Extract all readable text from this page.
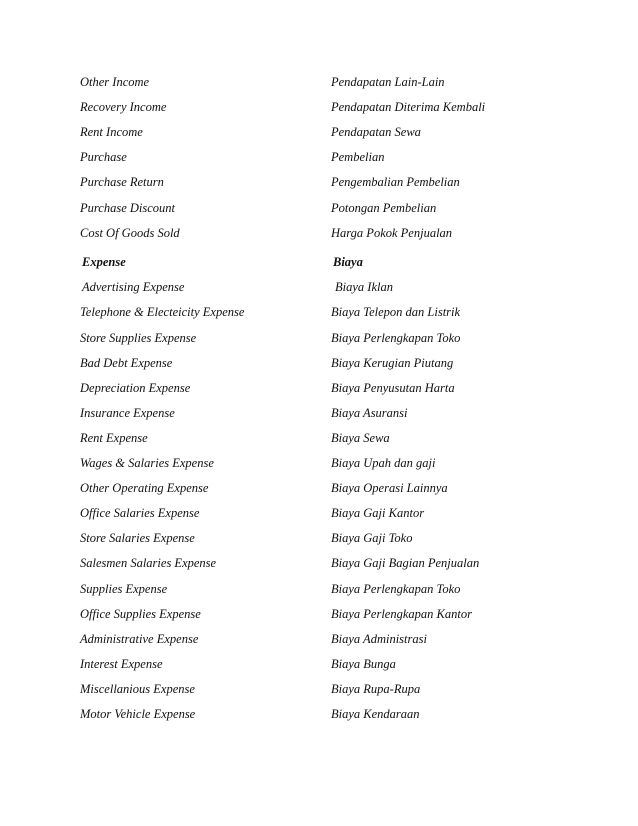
Other Income	Pendapatan Lain-Lain
Recovery Income	Pendapatan Diterima Kembali
Rent Income	Pendapatan Sewa
Purchase	Pembelian
Purchase Return	Pengembalian Pembelian
Purchase Discount	Potongan Pembelian
Cost Of Goods Sold	Harga Pokok Penjualan
Expense	Biaya
Advertising Expense	Biaya Iklan
Telephone & Electeicity Expense	Biaya Telepon dan Listrik
Store Supplies Expense	Biaya Perlengkapan Toko
Bad Debt Expense	Biaya Kerugian Piutang
Depreciation Expense	Biaya Penyusutan Harta
Insurance Expense	Biaya Asuransi
Rent Expense	Biaya Sewa
Wages & Salaries Expense	Biaya Upah dan gaji
Other Operating Expense	Biaya Operasi Lainnya
Office Salaries Expense	Biaya Gaji Kantor
Store Salaries Expense	Biaya Gaji Toko
Salesmen Salaries Expense	Biaya Gaji Bagian Penjualan
Supplies Expense	Biaya Perlengkapan Toko
Office Supplies Expense	Biaya Perlengkapan Kantor
Administrative Expense	Biaya Administrasi
Interest Expense	Biaya Bunga
Miscellanious Expense	Biaya Rupa-Rupa
Motor Vehicle Expense	Biaya Kendaraan
